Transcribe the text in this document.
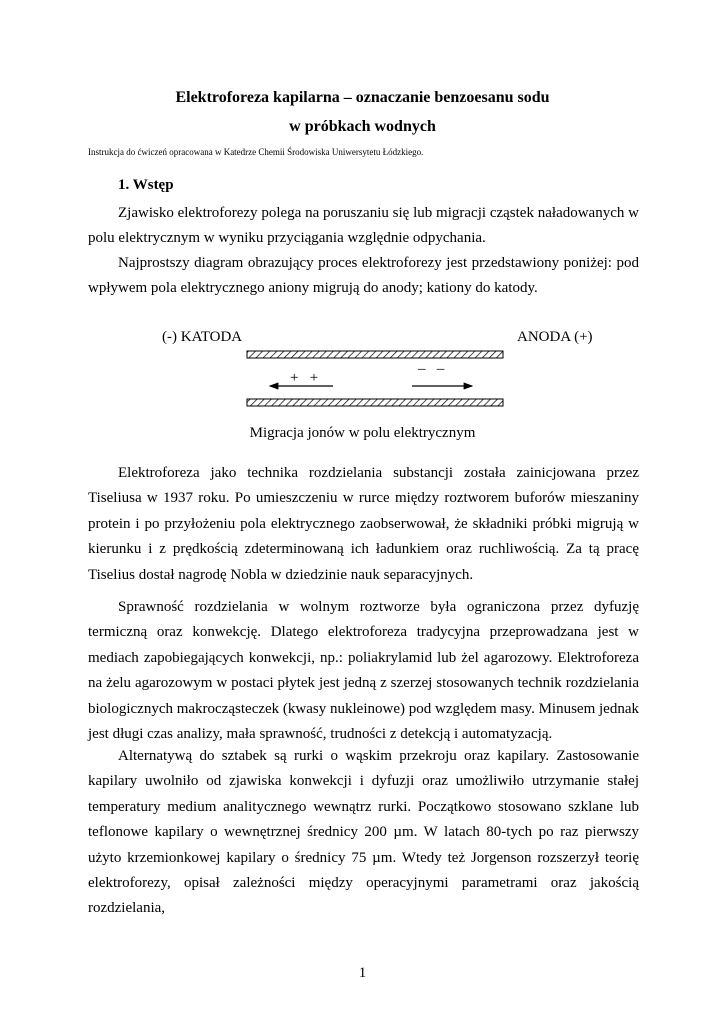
Elektroforeza kapilarna – oznaczanie benzoesanu sodu
w próbkach wodnych
Instrukcja do ćwiczeń opracowana w Katedrze Chemii Środowiska Uniwersytetu Łódzkiego.
1. Wstęp

Zjawisko elektroforezy polega na poruszaniu się lub migracji cząstek naładowanych w polu elektrycznym w wyniku przyciągania względnie odpychania.

Najprostszy diagram obrazujący proces elektroforezy jest przedstawiony poniżej: pod wpływem pola elektrycznego aniony migrują do anody; kationy do katody.

(-) KATODA	ANODA (+)
+   +
–   –
Migracja jonów w polu elektrycznym

Elektroforeza jako technika rozdzielania substancji została zainicjowana przez Tiseliusa w 1937 roku. Po umieszczeniu w rurce między roztworem buforów mieszaniny protein i po przyłożeniu pola elektrycznego zaobserwował, że składniki próbki migrują w kierunku i z prędkością zdeterminowaną ich ładunkiem oraz ruchliwością. Za tą pracę Tiselius dostał nagrodę Nobla w dziedzinie nauk separacyjnych.

Sprawność rozdzielania w wolnym roztworze była ograniczona przez dyfuzję termiczną oraz konwekcję. Dlatego elektroforeza tradycyjna przeprowadzana jest w mediach zapobiegających konwekcji, np.: poliakrylamid lub żel agarozowy. Elektroforeza na żelu agarozowym w postaci płytek jest jedną z szerzej stosowanych technik rozdzielania biologicznych makrocząsteczek (kwasy nukleinowe) pod względem masy. Minusem jednak jest długi czas analizy, mała sprawność, trudności z detekcją i automatyzacją.

Alternatywą do sztabek są rurki o wąskim przekroju oraz kapilary. Zastosowanie kapilary uwolniło od zjawiska konwekcji i dyfuzji oraz umożliwiło utrzymanie stałej temperatury medium analitycznego wewnątrz rurki. Początkowo stosowano szklane lub teflonowe kapilary o wewnętrznej średnicy 200 µm. W latach 80-tych po raz pierwszy użyto krzemionkowej kapilary o średnicy 75 µm. Wtedy też Jorgenson rozszerzył teorię elektroforezy, opisał zależności między operacyjnymi parametrami oraz jakością rozdzielania,

1
